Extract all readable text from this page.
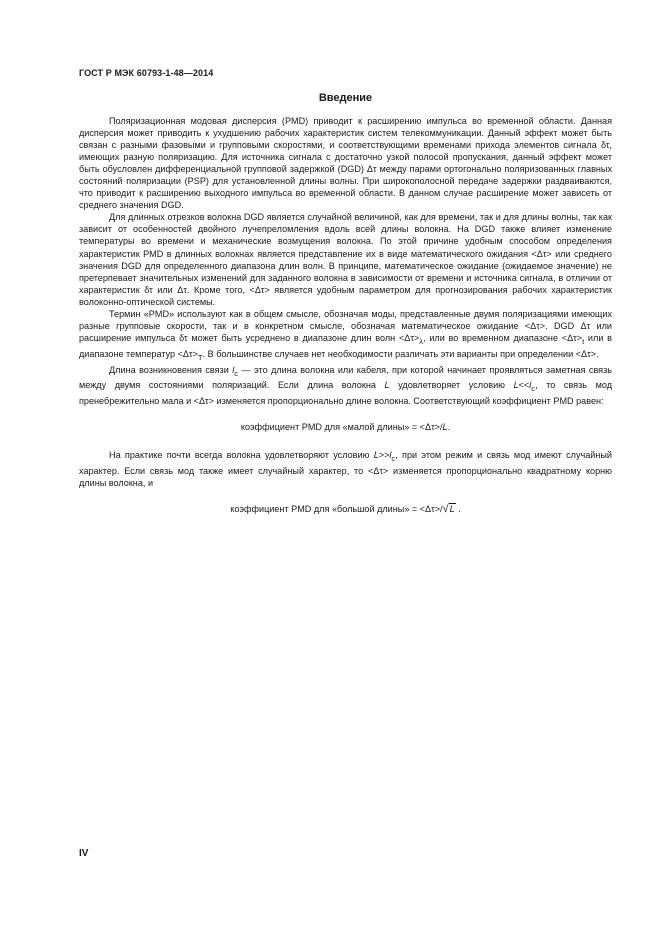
ГОСТ Р МЭК 60793-1-48—2014
Введение

Поляризационная модовая дисперсия (PMD) приводит к расширению импульса во временной области. Данная дисперсия может приводить к ухудшению рабочих характеристик систем телекоммуникации. Данный эффект может быть связан с разными фазовыми и групповыми скоростями, и соответствующими временами прихода элементов сигнала δτ, имеющих разную поляризацию. Для источника сигнала с достаточно узкой полосой пропускания, данный эффект может быть обусловлен дифференциальной групповой задержкой (DGD) Δτ между парами ортогонально поляризованных главных состояний поляризации (PSP) для установленной длины волны. При широкополосной передаче задержки раздваиваются, что приводит к расширению выходного импульса во временной области. В данном случае расширение может зависеть от среднего значения DGD.

Для длинных отрезков волокна DGD является случайной величиной, как для времени, так и для длины волны, так как зависит от особенностей двойного лучепреломления вдоль всей длины волокна. На DGD также влияет изменение температуры во времени и механические возмущения волокна. По этой причине удобным способом определения характеристик PMD в длинных волокнах является представление их в виде математического ожидания <Δτ> или среднего значения DGD для определенного диапазона длин волн. В принципе, математическое ожидание (ожидаемое значение) не претерпевает значительных изменений для заданного волокна в зависимости от времени и источника сигнала, в отличии от характеристик δτ или Δτ. Кроме того, <Δτ> является удобным параметром для прогнозирования рабочих характеристик волоконно-оптической системы.

Термин «PMD» используют как в общем смысле, обозначая моды, представленные двумя поляризациями имеющих разные групповые скорости, так и в конкретном смысле, обозначая математическое ожидание <Δτ>. DGD Δτ или расширение импульса δτ может быть усреднено в диапазоне длин волн $<\Delta\tau>_\lambda$, или во временном диапазоне $<\Delta\tau>_t$ или в диапазоне температур $<\Delta\tau>_T$. В большинстве случаев нет необходимости различать эти варианты при определении <Δτ>.

Длина возникновения связи $l_c$ — это длина волокна или кабеля, при которой начинает проявляться заметная связь между двумя состояниями поляризаций. Если длина волокна L удовлетворяет условию $L<<l_c$, то связь мод пренебрежительно мала и <Δτ> изменяется пропорционально длине волокна. Соответствующий коэффициент PMD равен:

коэффициент PMD для «малой длины» = <Δτ>/L.

На практике почти всегда волокна удовлетворяют условию $L>>l_c$, при этом режим и связь мод имеют случайный характер. Если связь мод также имеет случайный характер, то <Δτ> изменяется пропорционально квадратному корню длины волокна, и

коэффициент PMD для «большой длины» = <Δτ>/√L .

IV
